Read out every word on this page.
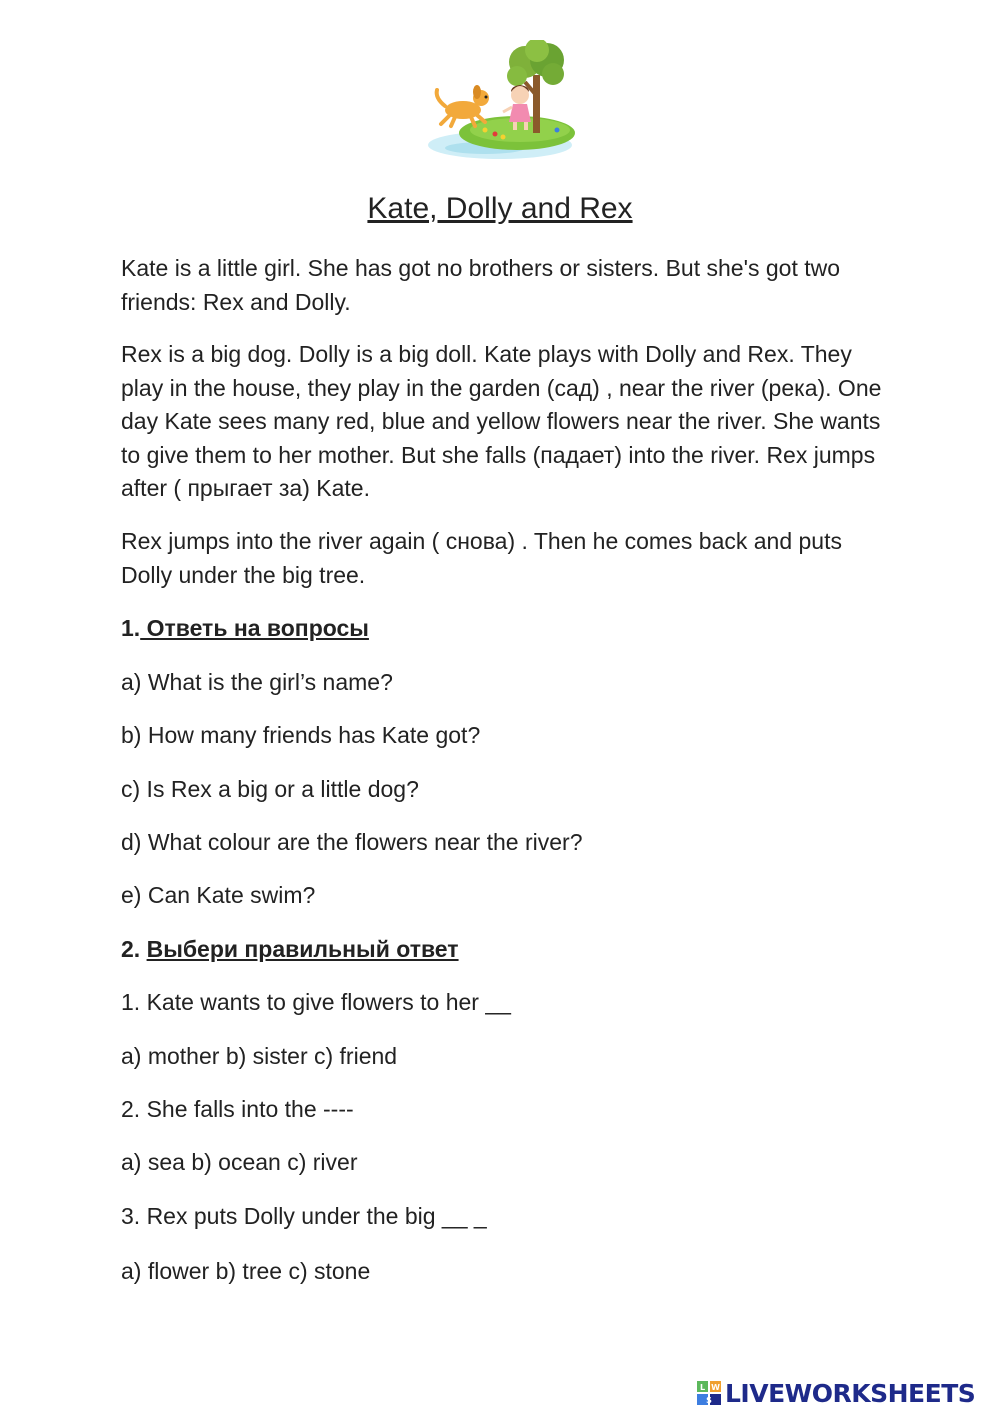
Kate, Dolly and Rex

Kate is a little girl. She has got no brothers or sisters. But she's got two friends: Rex and Dolly.

Rex is a big dog. Dolly is a big doll. Kate plays with Dolly and Rex. They play in the house, they play in the garden (сад) , near the river (река). One day Kate sees many red, blue and yellow flowers near the river. She wants to give them to her mother. But she falls (падает) into the river. Rex jumps after ( прыгает за) Kate.

Rex jumps into the river again ( снова) . Then he comes back and puts Dolly under the big tree.

1. Ответь на вопросы

a) What is the girl’s name?

b) How many friends has Kate got?

c) Is Rex a big or a little dog?

d) What colour are the flowers near the river?

e) Can Kate swim?

2. Выбери правильный ответ

1. Kate wants to give flowers to her __

a) mother b) sister c) friend

2. She falls into the ----

a) sea b) ocean c) river

3. Rex puts Dolly under the big __ _

a) flower b) tree c) stone

L W
S LIVEWORKSHEETS
